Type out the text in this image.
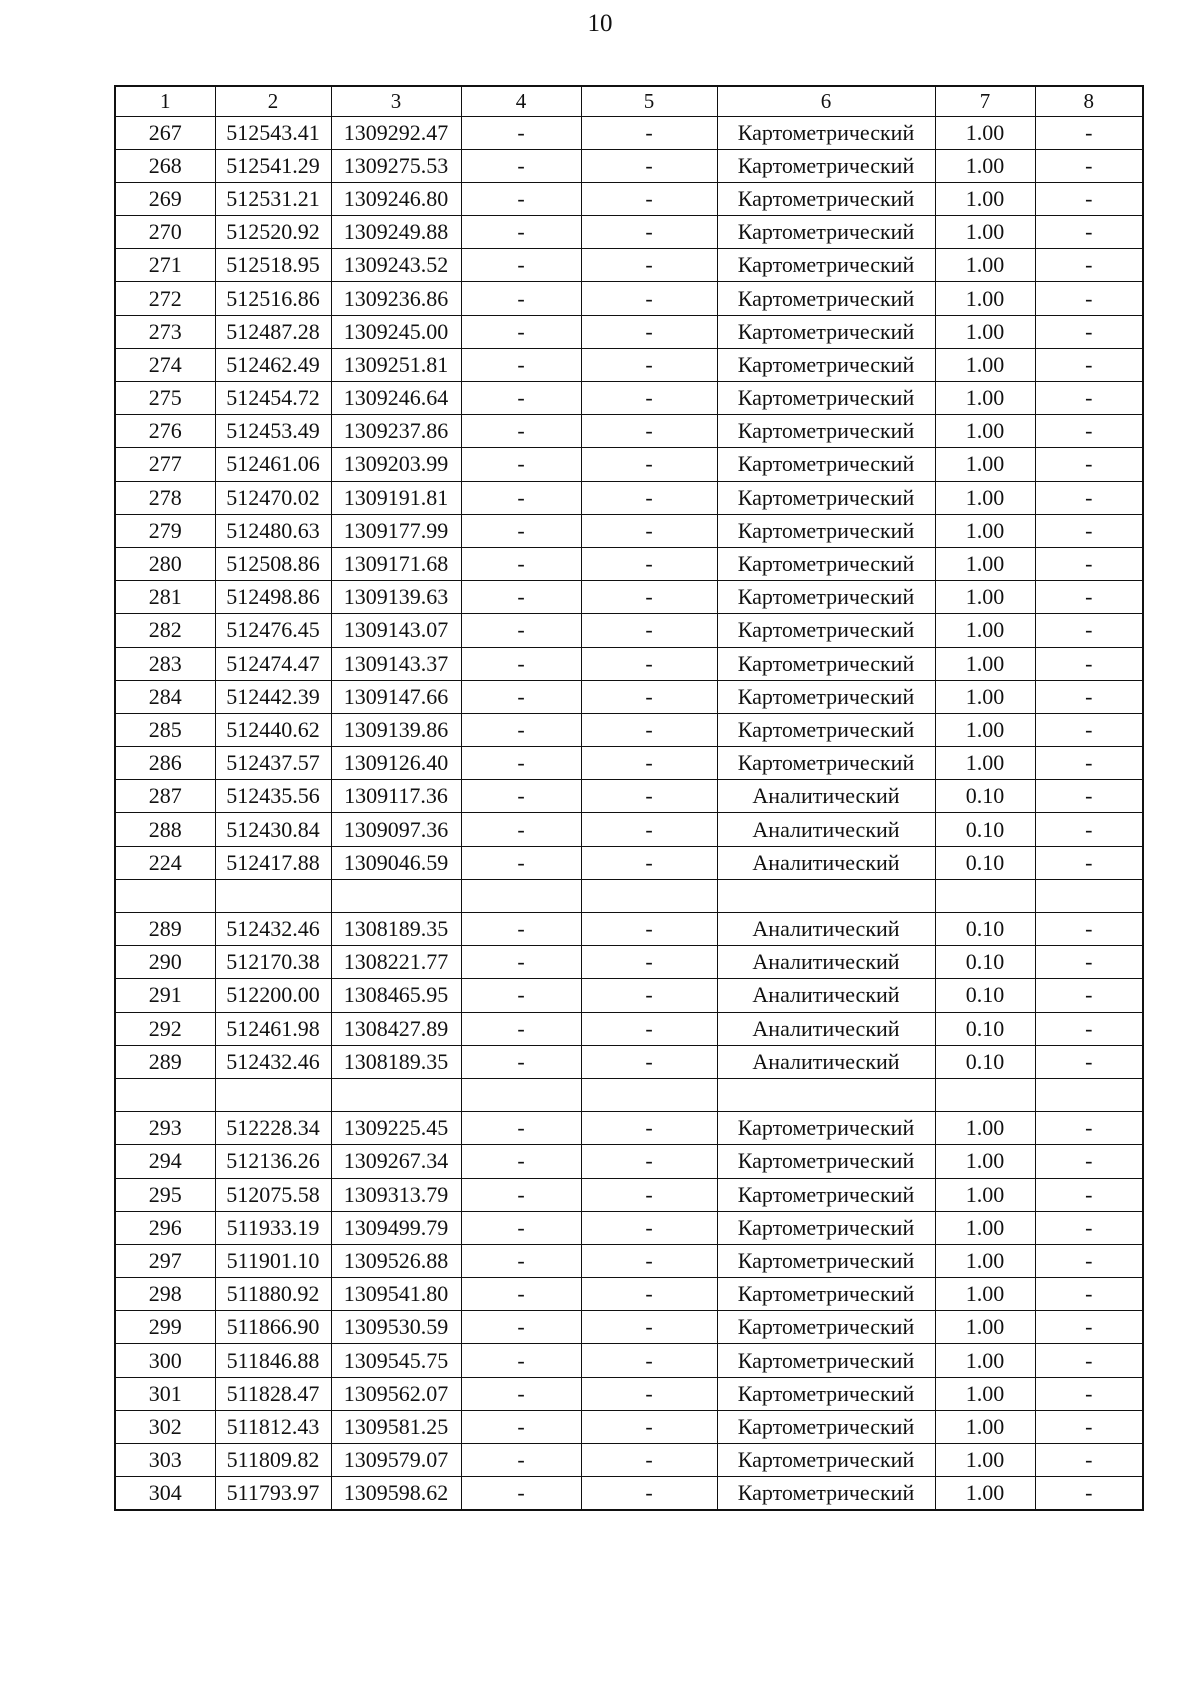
10
1	2	3	4	5	6	7	8
267	512543.41	1309292.47	-	-	Картометрический	1.00	-
268	512541.29	1309275.53	-	-	Картометрический	1.00	-
269	512531.21	1309246.80	-	-	Картометрический	1.00	-
270	512520.92	1309249.88	-	-	Картометрический	1.00	-
271	512518.95	1309243.52	-	-	Картометрический	1.00	-
272	512516.86	1309236.86	-	-	Картометрический	1.00	-
273	512487.28	1309245.00	-	-	Картометрический	1.00	-
274	512462.49	1309251.81	-	-	Картометрический	1.00	-
275	512454.72	1309246.64	-	-	Картометрический	1.00	-
276	512453.49	1309237.86	-	-	Картометрический	1.00	-
277	512461.06	1309203.99	-	-	Картометрический	1.00	-
278	512470.02	1309191.81	-	-	Картометрический	1.00	-
279	512480.63	1309177.99	-	-	Картометрический	1.00	-
280	512508.86	1309171.68	-	-	Картометрический	1.00	-
281	512498.86	1309139.63	-	-	Картометрический	1.00	-
282	512476.45	1309143.07	-	-	Картометрический	1.00	-
283	512474.47	1309143.37	-	-	Картометрический	1.00	-
284	512442.39	1309147.66	-	-	Картометрический	1.00	-
285	512440.62	1309139.86	-	-	Картометрический	1.00	-
286	512437.57	1309126.40	-	-	Картометрический	1.00	-
287	512435.56	1309117.36	-	-	Аналитический	0.10	-
288	512430.84	1309097.36	-	-	Аналитический	0.10	-
224	512417.88	1309046.59	-	-	Аналитический	0.10	-

289	512432.46	1308189.35	-	-	Аналитический	0.10	-
290	512170.38	1308221.77	-	-	Аналитический	0.10	-
291	512200.00	1308465.95	-	-	Аналитический	0.10	-
292	512461.98	1308427.89	-	-	Аналитический	0.10	-
289	512432.46	1308189.35	-	-	Аналитический	0.10	-

293	512228.34	1309225.45	-	-	Картометрический	1.00	-
294	512136.26	1309267.34	-	-	Картометрический	1.00	-
295	512075.58	1309313.79	-	-	Картометрический	1.00	-
296	511933.19	1309499.79	-	-	Картометрический	1.00	-
297	511901.10	1309526.88	-	-	Картометрический	1.00	-
298	511880.92	1309541.80	-	-	Картометрический	1.00	-
299	511866.90	1309530.59	-	-	Картометрический	1.00	-
300	511846.88	1309545.75	-	-	Картометрический	1.00	-
301	511828.47	1309562.07	-	-	Картометрический	1.00	-
302	511812.43	1309581.25	-	-	Картометрический	1.00	-
303	511809.82	1309579.07	-	-	Картометрический	1.00	-
304	511793.97	1309598.62	-	-	Картометрический	1.00	-
